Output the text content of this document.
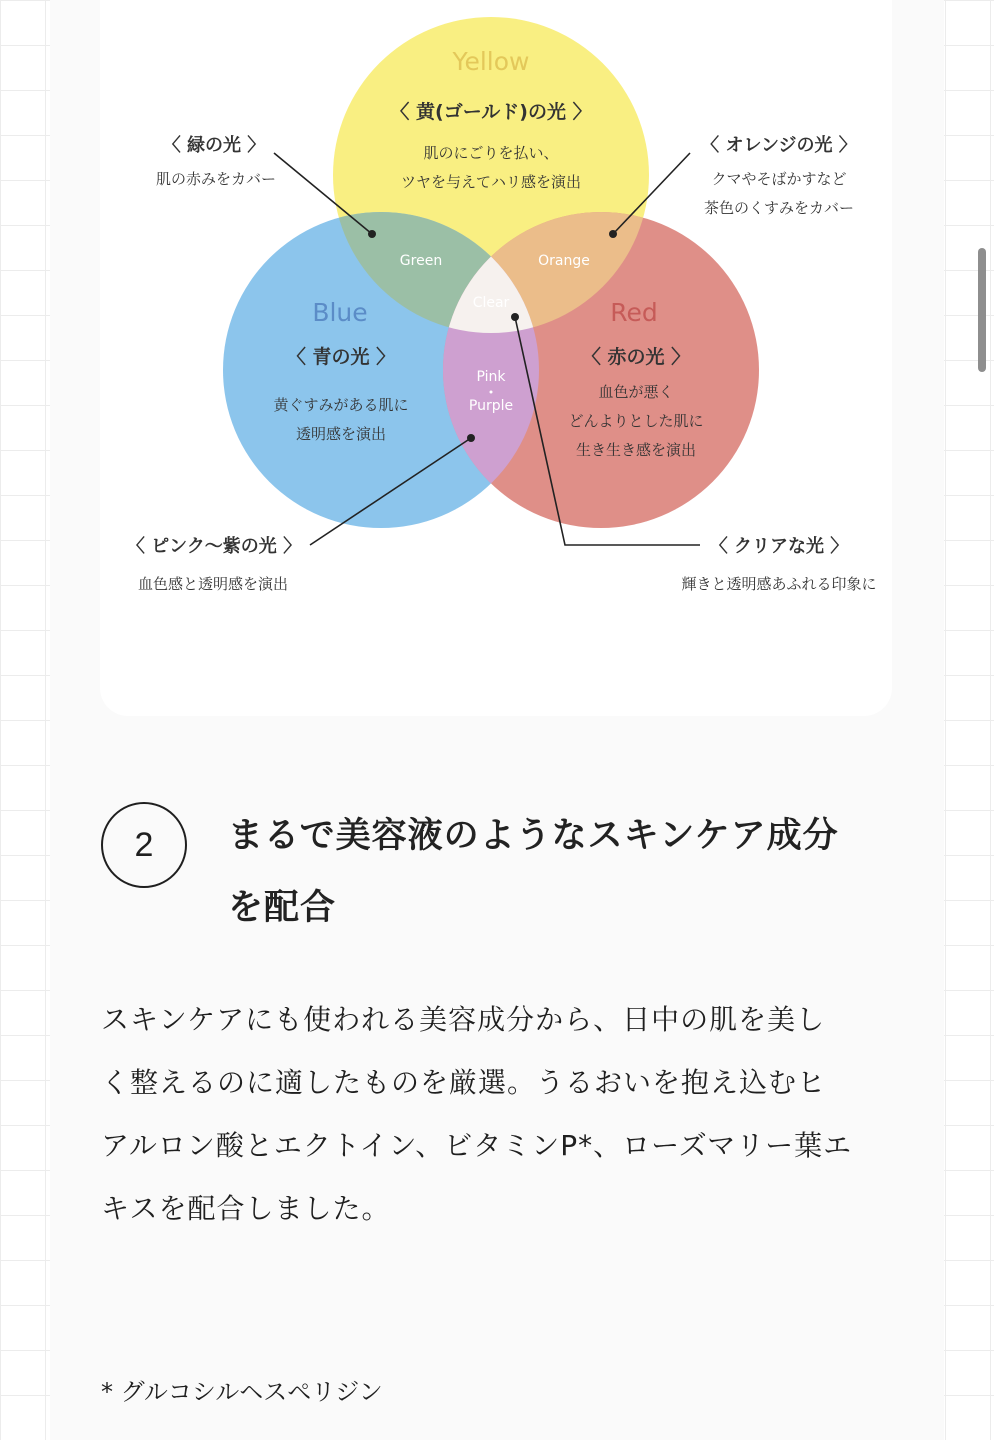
Yellow
〈 黄(ゴールド)の光 〉
肌のにごりを払い、
ツヤを与えてハリ感を演出
Blue
〈 青の光 〉
黄ぐすみがある肌に
透明感を演出
Red
〈 赤の光 〉
血色が悪く
どんよりとした肌に
生き生き感を演出
Green	Orange
Clear
Pink
Purple
〈 緑の光 〉
肌の赤みをカバー
〈 オレンジの光 〉
クマやそばかすなど
茶色のくすみをカバー
〈 ピンク～紫の光 〉
血色感と透明感を演出
〈 クリアな光 〉
輝きと透明感あふれる印象に
2 まるで美容液のようなスキンケア成分
を配合
スキンケアにも使われる美容成分から、日中の肌を美し
く整えるのに適したものを厳選。うるおいを抱え込むヒ
アルロン酸とエクトイン、ビタミンP*、ローズマリー葉エ
キスを配合しました。
* グルコシルヘスペリジン
